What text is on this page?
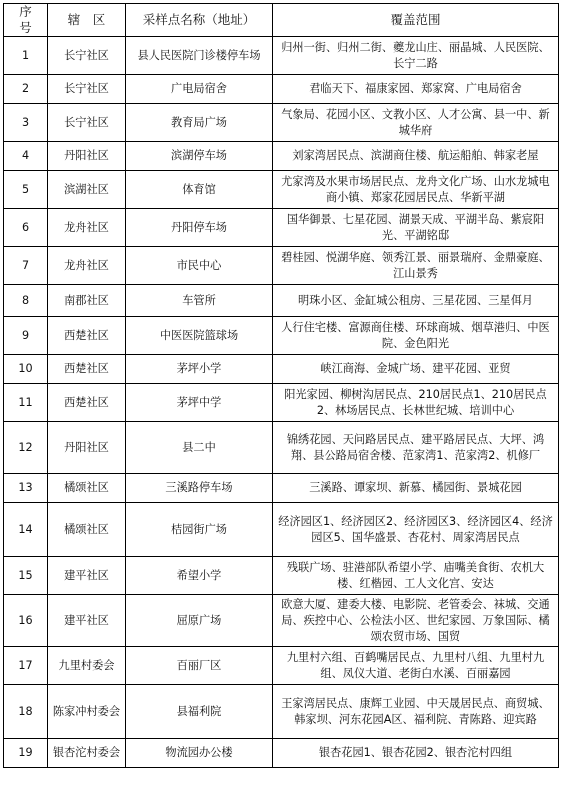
序　号	辖　区	采样点名称（地址）	覆盖范围
1	长宁社区	县人民医院门诊楼停车场	归州一街、归州二街、夔龙山庄、丽晶城、人民医院、长宁二路
2	长宁社区	广电局宿舍	君临天下、福康家园、郑家窝、广电局宿舍
3	长宁社区	教育局广场	气象局、花园小区、文教小区、人才公寓、县一中、新城华府
4	丹阳社区	滨湖停车场	刘家湾居民点、滨湖商住楼、航运船舶、韩家老屋
5	滨湖社区	体育馆	尤家湾及水果市场居民点、龙舟文化广场、山水龙城电商小镇、郑家花园居民点、华新平湖
6	龙舟社区	丹阳停车场	国华御景、七星花园、湖景天成、平湖半岛、紫宸阳光、平湖铭邸
7	龙舟社区	市民中心	碧桂园、悦湖华庭、领秀江景、丽景瑞府、金鼎豪庭、江山景秀
8	南郡社区	车管所	明珠小区、金缸城公租房、三星花园、三星佴月
9	西楚社区	中医医院篮球场	人行住宅楼、富源商住楼、环球商城、烟草港归、中医院、金色阳光
10	西楚社区	茅坪小学	峡江商海、金城广场、建平花园、亚贸
11	西楚社区	茅坪中学	阳光家园、柳树沟居民点、210居民点1、210居民点2、林场居民点、长林世纪城、培训中心
12	丹阳社区	县二中	锦绣花园、天问路居民点、建平路居民点、大坪、鸿翔、县公路局宿舍楼、范家湾1、范家湾2、机修厂
13	橘颂社区	三溪路停车场	三溪路、谭家坝、新慕、橘园街、景城花园
14	橘颂社区	桔园街广场	经济园区1、经济园区2、经济园区3、经济园区4、经济园区5、国华盛景、杏花村、周家湾居民点
15	建平社区	希望小学	残联广场、驻港部队希望小学、庙嘴美食街、农机大楼、红楷园、工人文化宫、安达
16	建平社区	屈原广场	欧意大厦、建委大楼、电影院、老管委会、袜城、交通局、疾控中心、公检法小区、世纪家园、万象国际、橘颂农贸市场、国贸
17	九里村委会	百丽厂区	九里村六组、百鹤嘴居民点、九里村八组、九里村九组、凤仪大道、老街白水溪、百丽嘉园
18	陈家冲村委会	县福利院	王家湾居民点、康辉工业园、中天晟居民点、商贸城、韩家坝、河东花园A区、福利院、青陈路、迎宾路
19	银杏沱村委会	物流园办公楼	银杏花园1、银杏花园2、银杏沱村四组
